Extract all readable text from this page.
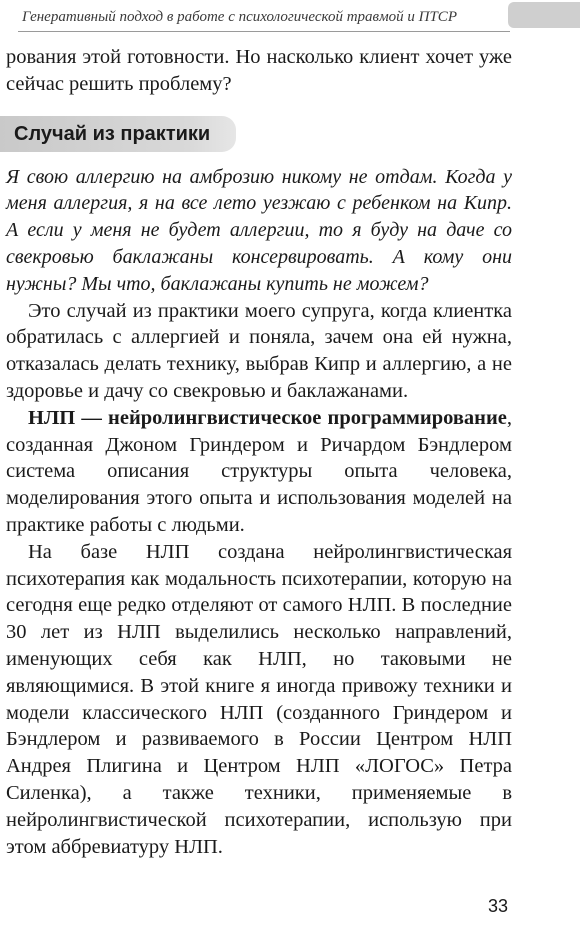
Генеративный подход в работе с психологической травмой и ПТСР

рования этой готовности. Но насколько клиент хочет уже сейчас решить проблему?

Случай из практики

Я свою аллергию на амброзию никому не отдам. Когда у меня аллергия, я на все лето уезжаю с ребенком на Кипр. А если у меня не будет аллергии, то я буду на даче со свекровью баклажаны консервировать. А кому они нужны? Мы что, баклажаны купить не можем?

Это случай из практики моего супруга, когда клиентка обратилась с аллергией и поняла, зачем она ей нужна, отказалась делать технику, выбрав Кипр и аллергию, а не здоровье и дачу со свекровью и баклажанами.

НЛП — нейролингвистическое программирование, созданная Джоном Гриндером и Ричардом Бэндлером система описания структуры опыта человека, моделирования этого опыта и использования моделей на практике работы с людьми.

На базе НЛП создана нейролингвистическая психотерапия как модальность психотерапии, которую на сегодня еще редко отделяют от самого НЛП. В последние 30 лет из НЛП выделились несколько направлений, именующих себя как НЛП, но таковыми не являющимися. В этой книге я иногда привожу техники и модели классического НЛП (созданного Гриндером и Бэндлером и развиваемого в России Центром НЛП Андрея Плигина и Центром НЛП «ЛОГОС» Петра Силенка), а также техники, применяемые в нейролингвистической психотерапии, использую при этом аббревиатуру НЛП.

33
